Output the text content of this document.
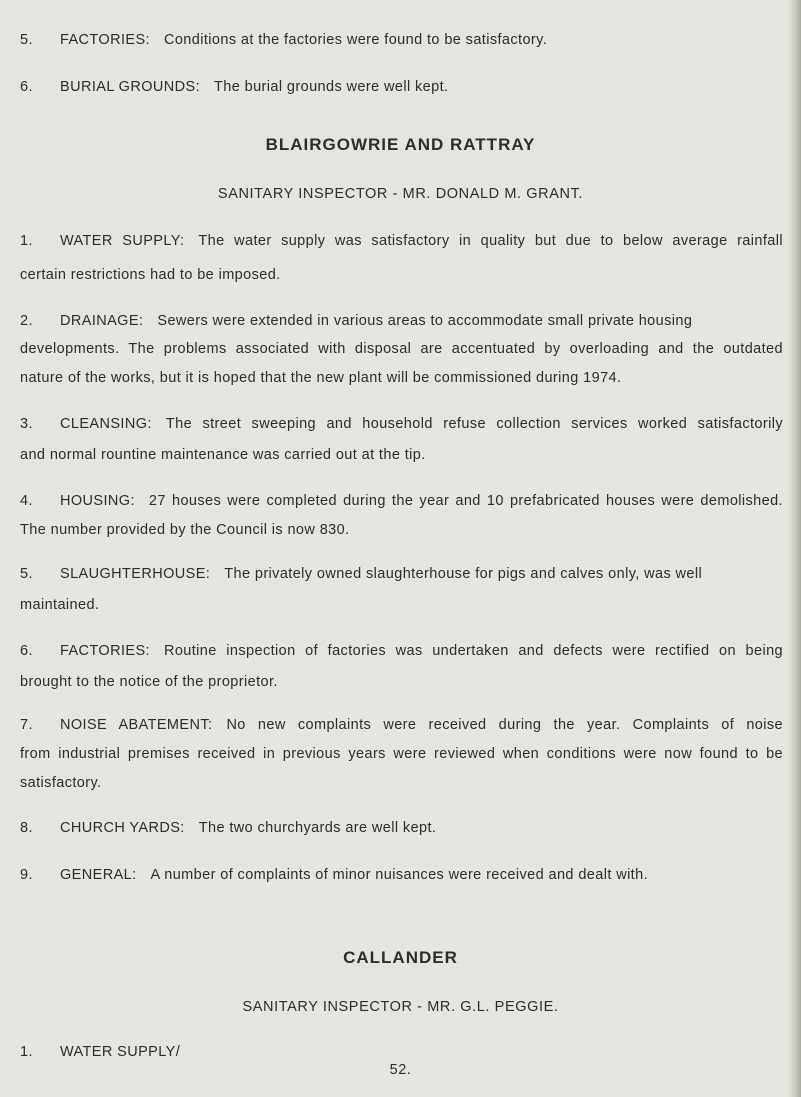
5. FACTORIES: Conditions at the factories were found to be satisfactory.
6. BURIAL GROUNDS: The burial grounds were well kept.
BLAIRGOWRIE AND RATTRAY
SANITARY INSPECTOR - MR. DONALD M. GRANT.
1. WATER SUPPLY: The water supply was satisfactory in quality but due to below average rainfall
certain restrictions had to be imposed.
2. DRAINAGE: Sewers were extended in various areas to accommodate small private housing
developments. The problems associated with disposal are accentuated by overloading and the outdated
nature of the works, but it is hoped that the new plant will be commissioned during 1974.
3. CLEANSING: The street sweeping and household refuse collection services worked satisfactorily
and normal rountine maintenance was carried out at the tip.
4. HOUSING: 27 houses were completed during the year and 10 prefabricated houses were demolished.
The number provided by the Council is now 830.
5. SLAUGHTERHOUSE: The privately owned slaughterhouse for pigs and calves only, was well
maintained.
6. FACTORIES: Routine inspection of factories was undertaken and defects were rectified on being
brought to the notice of the proprietor.
7. NOISE ABATEMENT: No new complaints were received during the year. Complaints of noise
from industrial premises received in previous years were reviewed when conditions were now found to be
satisfactory.
8. CHURCH YARDS: The two churchyards are well kept.
9. GENERAL: A number of complaints of minor nuisances were received and dealt with.
CALLANDER
SANITARY INSPECTOR - MR. G.L. PEGGIE.
1. WATER SUPPLY/
52.
